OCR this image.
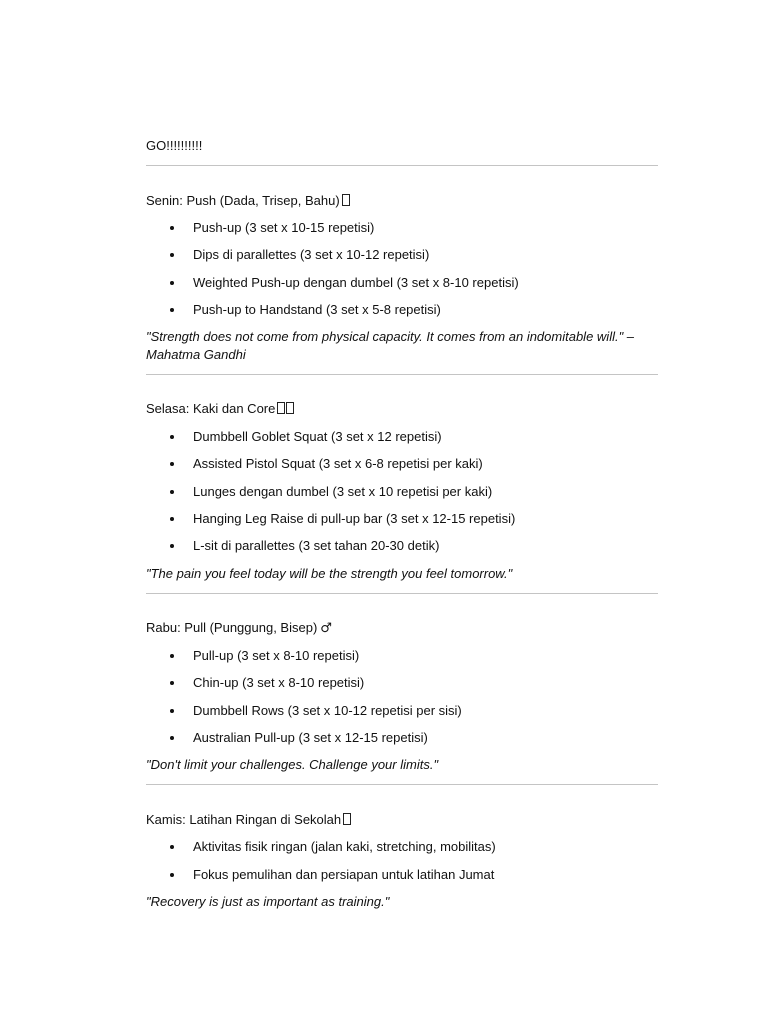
GO!!!!!!!!!!
Senin: Push (Dada, Trisep, Bahu)
Push-up (3 set x 10-15 repetisi)
Dips di parallettes (3 set x 10-12 repetisi)
Weighted Push-up dengan dumbel (3 set x 8-10 repetisi)
Push-up to Handstand (3 set x 5-8 repetisi)
"Strength does not come from physical capacity. It comes from an indomitable will." – Mahatma Gandhi
Selasa: Kaki dan Core
Dumbbell Goblet Squat (3 set x 12 repetisi)
Assisted Pistol Squat (3 set x 6-8 repetisi per kaki)
Lunges dengan dumbel (3 set x 10 repetisi per kaki)
Hanging Leg Raise di pull-up bar (3 set x 12-15 repetisi)
L-sit di parallettes (3 set tahan 20-30 detik)
"The pain you feel today will be the strength you feel tomorrow."
Rabu: Pull (Punggung, Bisep) ♂
Pull-up (3 set x 8-10 repetisi)
Chin-up (3 set x 8-10 repetisi)
Dumbbell Rows (3 set x 10-12 repetisi per sisi)
Australian Pull-up (3 set x 12-15 repetisi)
"Don't limit your challenges. Challenge your limits."
Kamis: Latihan Ringan di Sekolah
Aktivitas fisik ringan (jalan kaki, stretching, mobilitas)
Fokus pemulihan dan persiapan untuk latihan Jumat
"Recovery is just as important as training."
